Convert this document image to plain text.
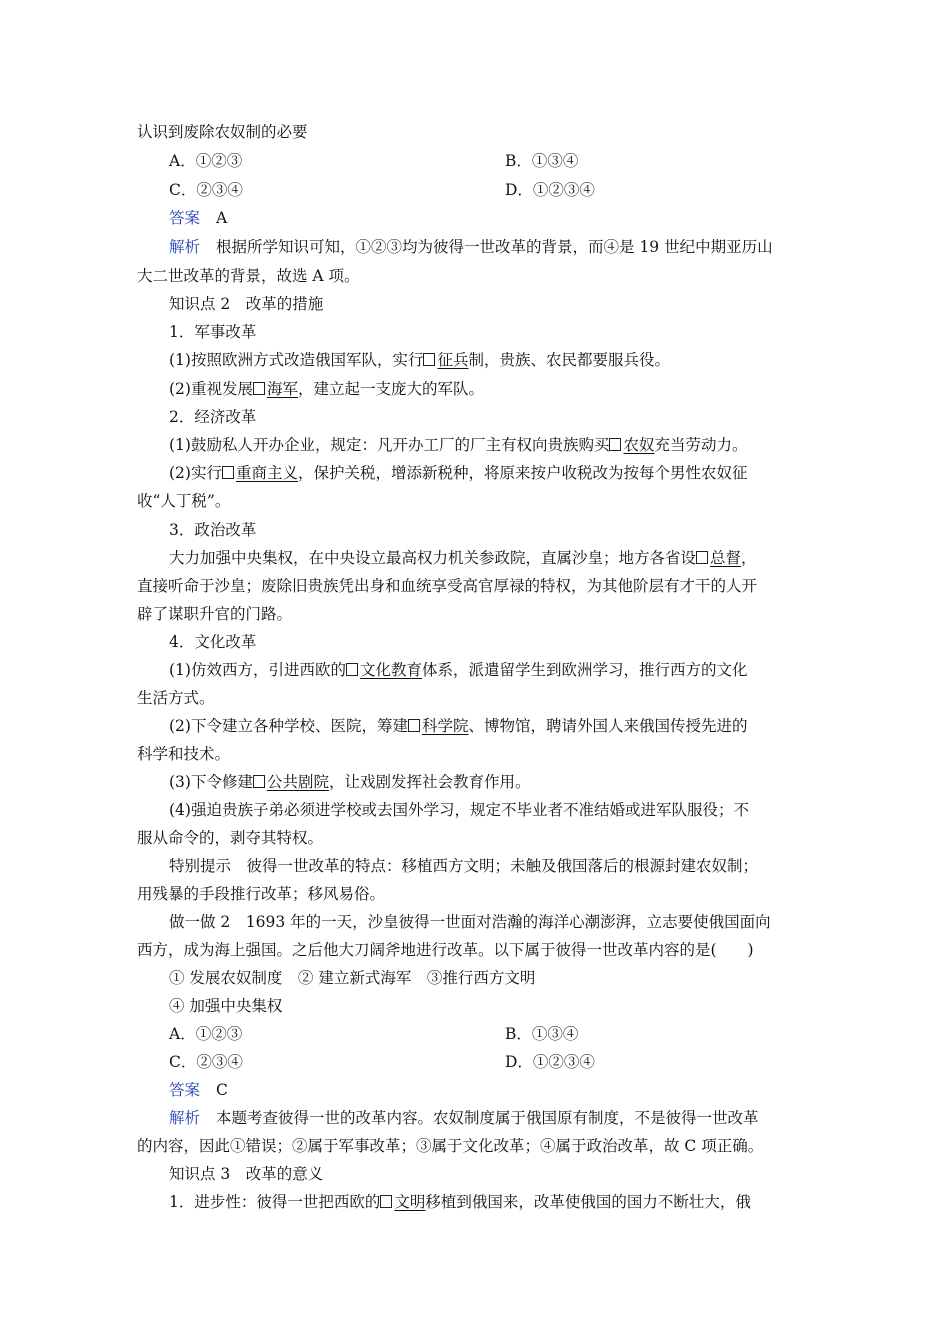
认识到废除农奴制的必要
A．①②③	B．①③④
C．②③④	D．①②③④
答案 A
解析 根据所学知识可知，①②③均为彼得一世改革的背景，而④是 19 世纪中期亚历山
大二世改革的背景，故选 A 项。
知识点 2　改革的措施
1．军事改革
(1)按照欧洲方式改造俄国军队，实行 征兵制，贵族、农民都要服兵役。
(2)重视发展 海军，建立起一支庞大的军队。
2．经济改革
(1)鼓励私人开办企业，规定：凡开办工厂的厂主有权向贵族购买 农奴充当劳动力。
(2)实行 重商主义，保护关税，增添新税种，将原来按户收税改为按每个男性农奴征
收“人丁税”。
3．政治改革
大力加强中央集权，在中央设立最高权力机关参政院，直属沙皇；地方各省设 总督，
直接听命于沙皇；废除旧贵族凭出身和血统享受高官厚禄的特权，为其他阶层有才干的人开
辟了谋职升官的门路。
4．文化改革
(1)仿效西方，引进西欧的 文化教育体系，派遣留学生到欧洲学习，推行西方的文化
生活方式。
(2)下令建立各种学校、医院，筹建 科学院、博物馆，聘请外国人来俄国传授先进的
科学和技术。
(3)下令修建 公共剧院，让戏剧发挥社会教育作用。
(4)强迫贵族子弟必须进学校或去国外学习，规定不毕业者不准结婚或进军队服役；不
服从命令的，剥夺其特权。
特别提示　彼得一世改革的特点：移植西方文明；未触及俄国落后的根源封建农奴制；
用残暴的手段推行改革；移风易俗。
做一做 2　1693 年的一天，沙皇彼得一世面对浩瀚的海洋心潮澎湃，立志要使俄国面向
西方，成为海上强国。之后他大刀阔斧地进行改革。以下属于彼得一世改革内容的是(　　)
① 发展农奴制度　② 建立新式海军　③推行西方文明
④ 加强中央集权
A．①②③	B．①③④
C．②③④	D．①②③④
答案 C
解析 本题考查彼得一世的改革内容。农奴制度属于俄国原有制度，不是彼得一世改革
的内容，因此①错误；②属于军事改革；③属于文化改革；④属于政治改革，故 C 项正确。
知识点 3　改革的意义
1．进步性：彼得一世把西欧的 文明移植到俄国来，改革使俄国的国力不断壮大，俄
